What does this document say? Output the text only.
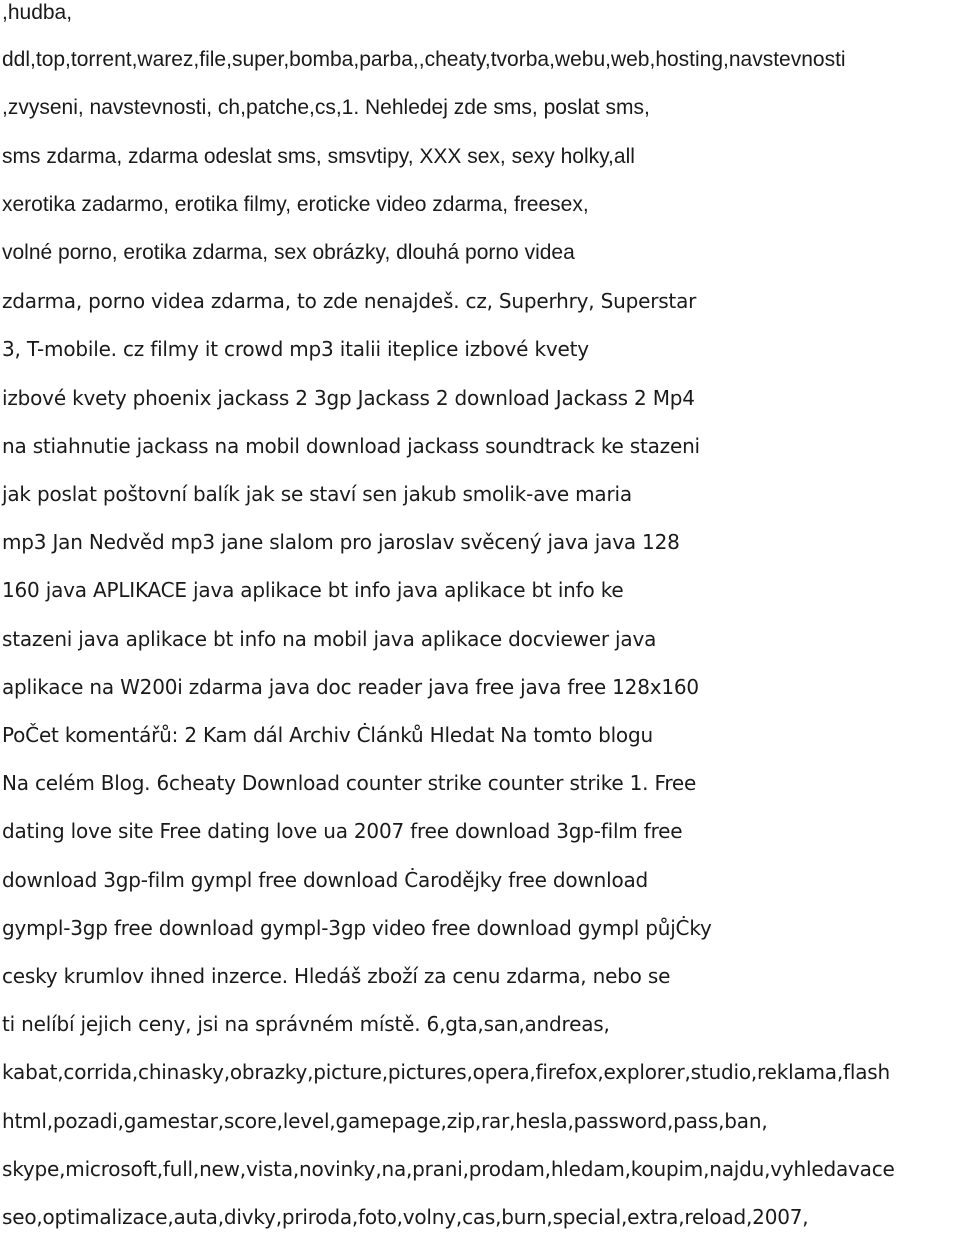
,hudba,
ddl,top,torrent,warez,file,super,bomba,parba,,cheaty,tvorba,webu,web,hosting,navstevnosti
,zvyseni, navstevnosti, ch,patche,cs,1. Nehledej zde sms, poslat sms,
sms zdarma, zdarma odeslat sms, smsvtipy, XXX sex, sexy holky,all
xerotika zadarmo, erotika filmy, eroticke video zdarma, freesex,
volné porno, erotika zdarma, sex obrázky, dlouhá porno videa
zdarma, porno videa zdarma, to zde nenajdeš. cz, Superhry, Superstar
3, T-mobile. cz filmy it crowd mp3 italii iteplice izbové kvety
izbové kvety phoenix jackass 2 3gp Jackass 2 download Jackass 2 Mp4
na stiahnutie jackass na mobil download jackass soundtrack ke stazeni
jak poslat poštovní balík jak se staví sen jakub smolik-ave maria
mp3 Jan Nedvěd mp3 jane slalom pro jaroslav svěcený java java 128
160 java APLIKACE java aplikace bt info java aplikace bt info ke
stazeni java aplikace bt info na mobil java aplikace docviewer java
aplikace na W200i zdarma java doc reader java free java free 128x160
PoČet komentářů: 2 Kam dál Archiv Ċlánků Hledat Na tomto blogu
Na celém Blog. 6cheaty Download counter strike counter strike 1. Free
dating love site Free dating love ua 2007 free download 3gp-film free
download 3gp-film gympl free download Ċarodějky free download
gympl-3gp free download gympl-3gp video free download gympl půjĊky
cesky krumlov ihned inzerce. Hledáš zboží za cenu zdarma, nebo se
ti nelíbí jejich ceny, jsi na správném místě. 6,gta,san,andreas,
kabat,corrida,chinasky,obrazky,picture,pictures,opera,firefox,explorer,studio,reklama,flash
html,pozadi,gamestar,score,level,gamepage,zip,rar,hesla,password,pass,ban,
skype,microsoft,full,new,vista,novinky,na,prani,prodam,hledam,koupim,najdu,vyhledavace
seo,optimalizace,auta,divky,priroda,foto,volny,cas,burn,special,extra,reload,2007,
